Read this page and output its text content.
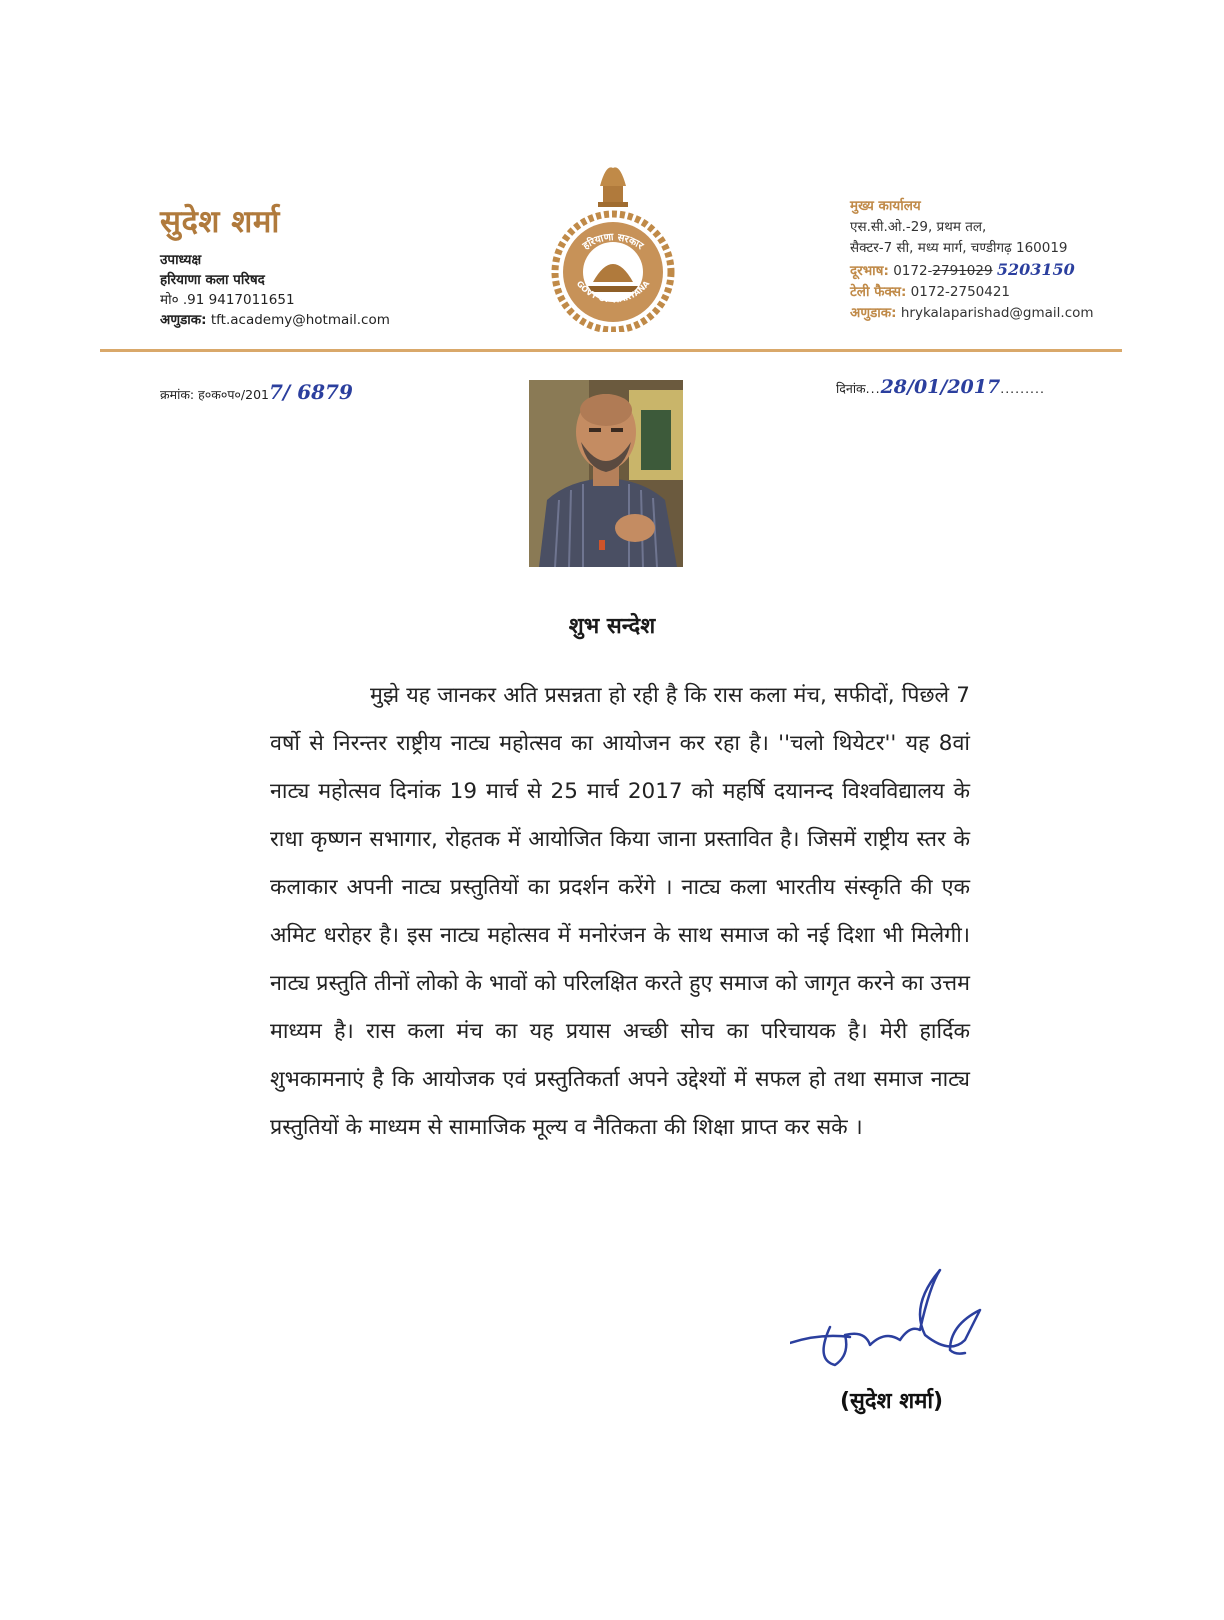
सुदेश शर्मा
उपाध्यक्ष
हरियाणा कला परिषद
मो० .91 9417011651
अणुडाक: tft.academy@hotmail.com
हरियाणा सरकार
GOVT OF HARYANA
मुख्य कार्यालय
एस.सी.ओ.-29, प्रथम तल,
सैक्टर-7 सी, मध्य मार्ग, चण्डीगढ़ 160019
दूरभाष: 0172-2791029 5203150
टेली फैक्स: 0172-2750421
अणुडाक: hrykalaparishad@gmail.com
क्रमांक: ह०क०प०/2017/ 6879	दिनांक...28/01/2017.........
शुभ सन्देश

मुझे यह जानकर अति प्रसन्नता हो रही है कि रास कला मंच, सफीदों, पिछले 7 वर्षो से निरन्तर राष्ट्रीय नाट्य महोत्सव का आयोजन कर रहा है। ''चलो थियेटर'' यह 8वां नाट्य महोत्सव दिनांक 19 मार्च से 25 मार्च 2017 को महर्षि दयानन्द विश्वविद्यालय के राधा कृष्णन सभागार, रोहतक में आयोजित किया जाना प्रस्तावित है। जिसमें राष्ट्रीय स्तर के कलाकार अपनी नाट्य प्रस्तुतियों का प्रदर्शन करेंगे । नाट्य कला भारतीय संस्कृति की एक अमिट धरोहर है। इस नाट्य महोत्सव में मनोरंजन के साथ समाज को नई दिशा भी मिलेगी। नाट्य प्रस्तुति तीनों लोको के भावों को परिलक्षित करते हुए समाज को जागृत करने का उत्तम माध्यम है। रास कला मंच का यह प्रयास अच्छी सोच का परिचायक है। मेरी हार्दिक शुभकामनाएं है कि आयोजक एवं प्रस्तुतिकर्ता अपने उद्देश्यों में सफल हो तथा समाज नाट्य प्रस्तुतियों के माध्यम से सामाजिक मूल्य व नैतिकता की शिक्षा प्राप्त कर सके ।

(सुदेश शर्मा)
